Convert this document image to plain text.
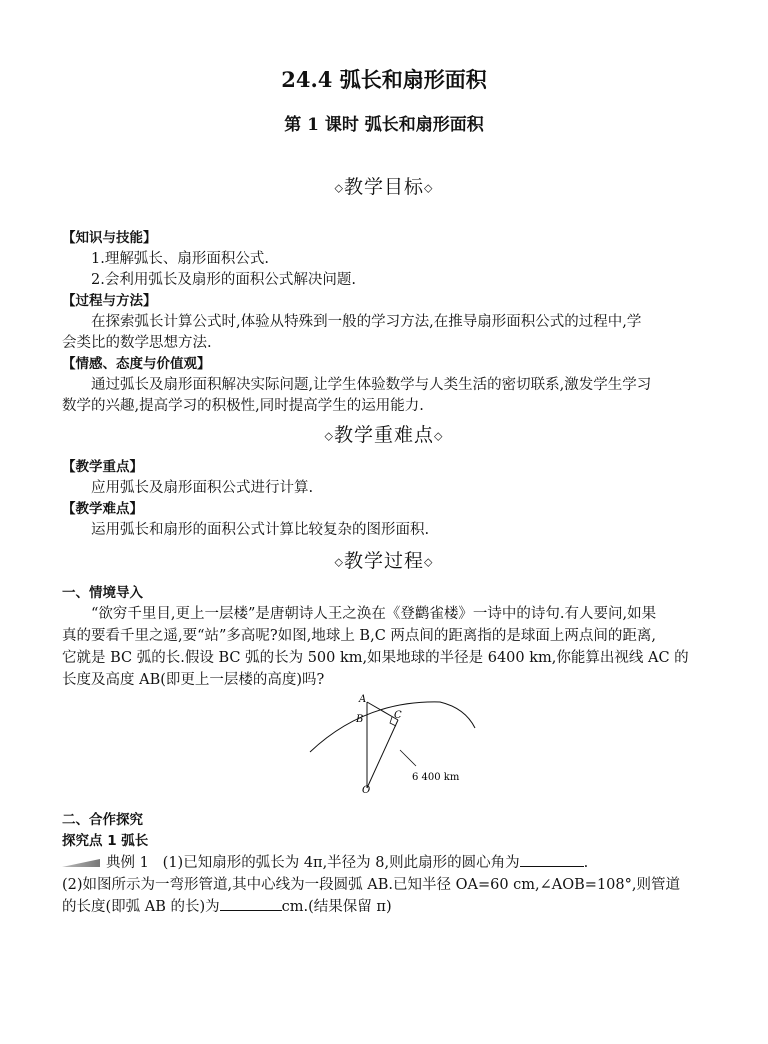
24.4 弧长和扇形面积
第 1 课时 弧长和扇形面积
◇教学目标◇
【知识与技能】
1.理解弧长、扇形面积公式.
2.会利用弧长及扇形的面积公式解决问题.
【过程与方法】
在探索弧长计算公式时,体验从特殊到一般的学习方法,在推导扇形面积公式的过程中,学
会类比的数学思想方法.
【情感、态度与价值观】
通过弧长及扇形面积解决实际问题,让学生体验数学与人类生活的密切联系,激发学生学习
数学的兴趣,提高学习的积极性,同时提高学生的运用能力.
◇教学重难点◇
【教学重点】
应用弧长及扇形面积公式进行计算.
【教学难点】
运用弧长和扇形的面积公式计算比较复杂的图形面积.
◇教学过程◇
一、情境导入
“欲穷千里目,更上一层楼”是唐朝诗人王之涣在《登鹳雀楼》一诗中的诗句.有人要问,如果
真的要看千里之遥,要“站”多高呢?如图,地球上 B,C 两点间的距离指的是球面上两点间的距离,
它就是 BC 弧的长.假设 BC 弧的长为 500 km,如果地球的半径是 6400 km,你能算出视线 AC 的
长度及高度 AB(即更上一层楼的高度)吗?
A
B	C
O
6 400 km
二、合作探究
探究点 1 弧长
典例 1 (1)已知扇形的弧长为 4π,半径为 8,则此扇形的圆心角为	.
(2)如图所示为一弯形管道,其中心线为一段圆弧 AB.已知半径 OA=60 cm,∠AOB=108°,则管道
的长度(即弧 AB 的长)为	cm.(结果保留 π)
